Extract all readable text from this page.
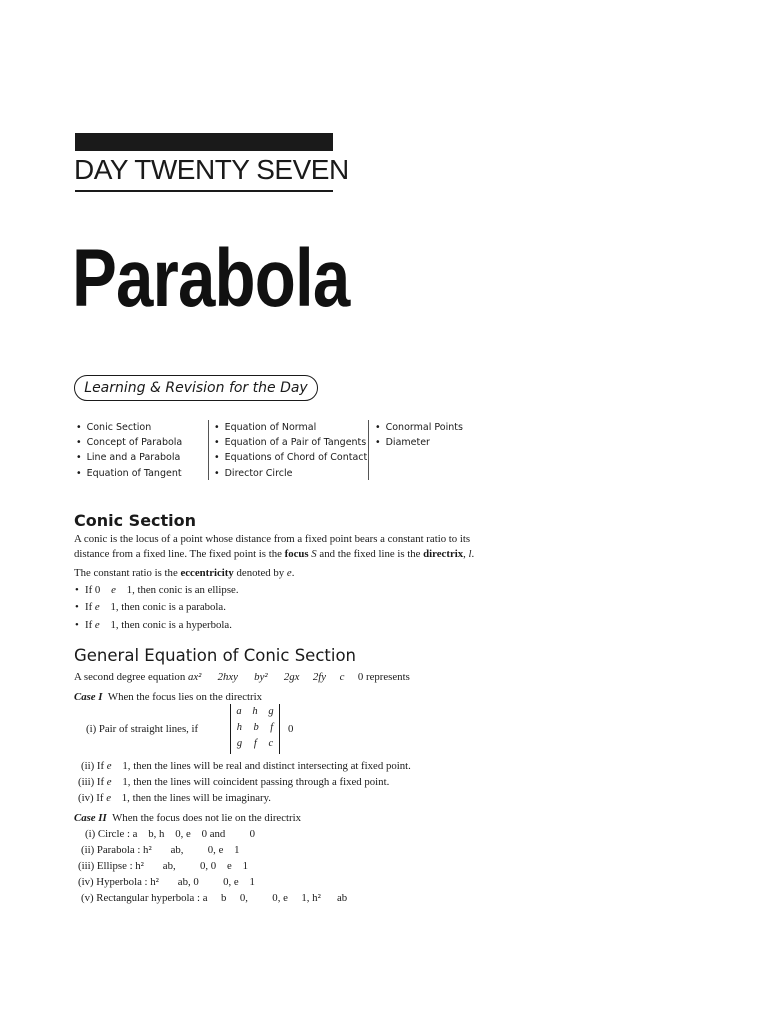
DAY TWENTY SEVEN
Parabola
Learning & Revision for the Day
• Conic Section
• Concept of Parabola
• Line and a Parabola
• Equation of Tangent
• Equation of Normal
• Equation of a Pair of Tangents
• Equations of Chord of Contact
• Director Circle
• Conormal Points
• Diameter
Conic Section
A conic is the locus of a point whose distance from a fixed point bears a constant ratio to its
distance from a fixed line. The fixed point is the focus S and the fixed line is the directrix, l.
The constant ratio is the eccentricity denoted by e.
• If 0 e 1, then conic is an ellipse.
• If e 1, then conic is a parabola.
• If e 1, then conic is a hyperbola.
General Equation of Conic Section
A second degree equation ax² 2hxy by² 2gx 2fy c 0 represents
Case I When the focus lies on the directrix
(i) Pair of straight lines, if
a h g
h b f
g f c
0
(ii) If e 1, then the lines will be real and distinct intersecting at fixed point.
(iii) If e 1, then the lines will coincident passing through a fixed point.
(iv) If e 1, then the lines will be imaginary.
Case II When the focus does not lie on the directrix
(i) Circle : a    b, h    0, e    0 and         0
(ii) Parabola : h²       ab,         0, e    1
(iii) Ellipse : h²       ab,         0, 0    e    1
(iv) Hyperbola : h²       ab, 0         0, e    1
(v) Rectangular hyperbola : a     b     0,         0, e     1, h²      ab
